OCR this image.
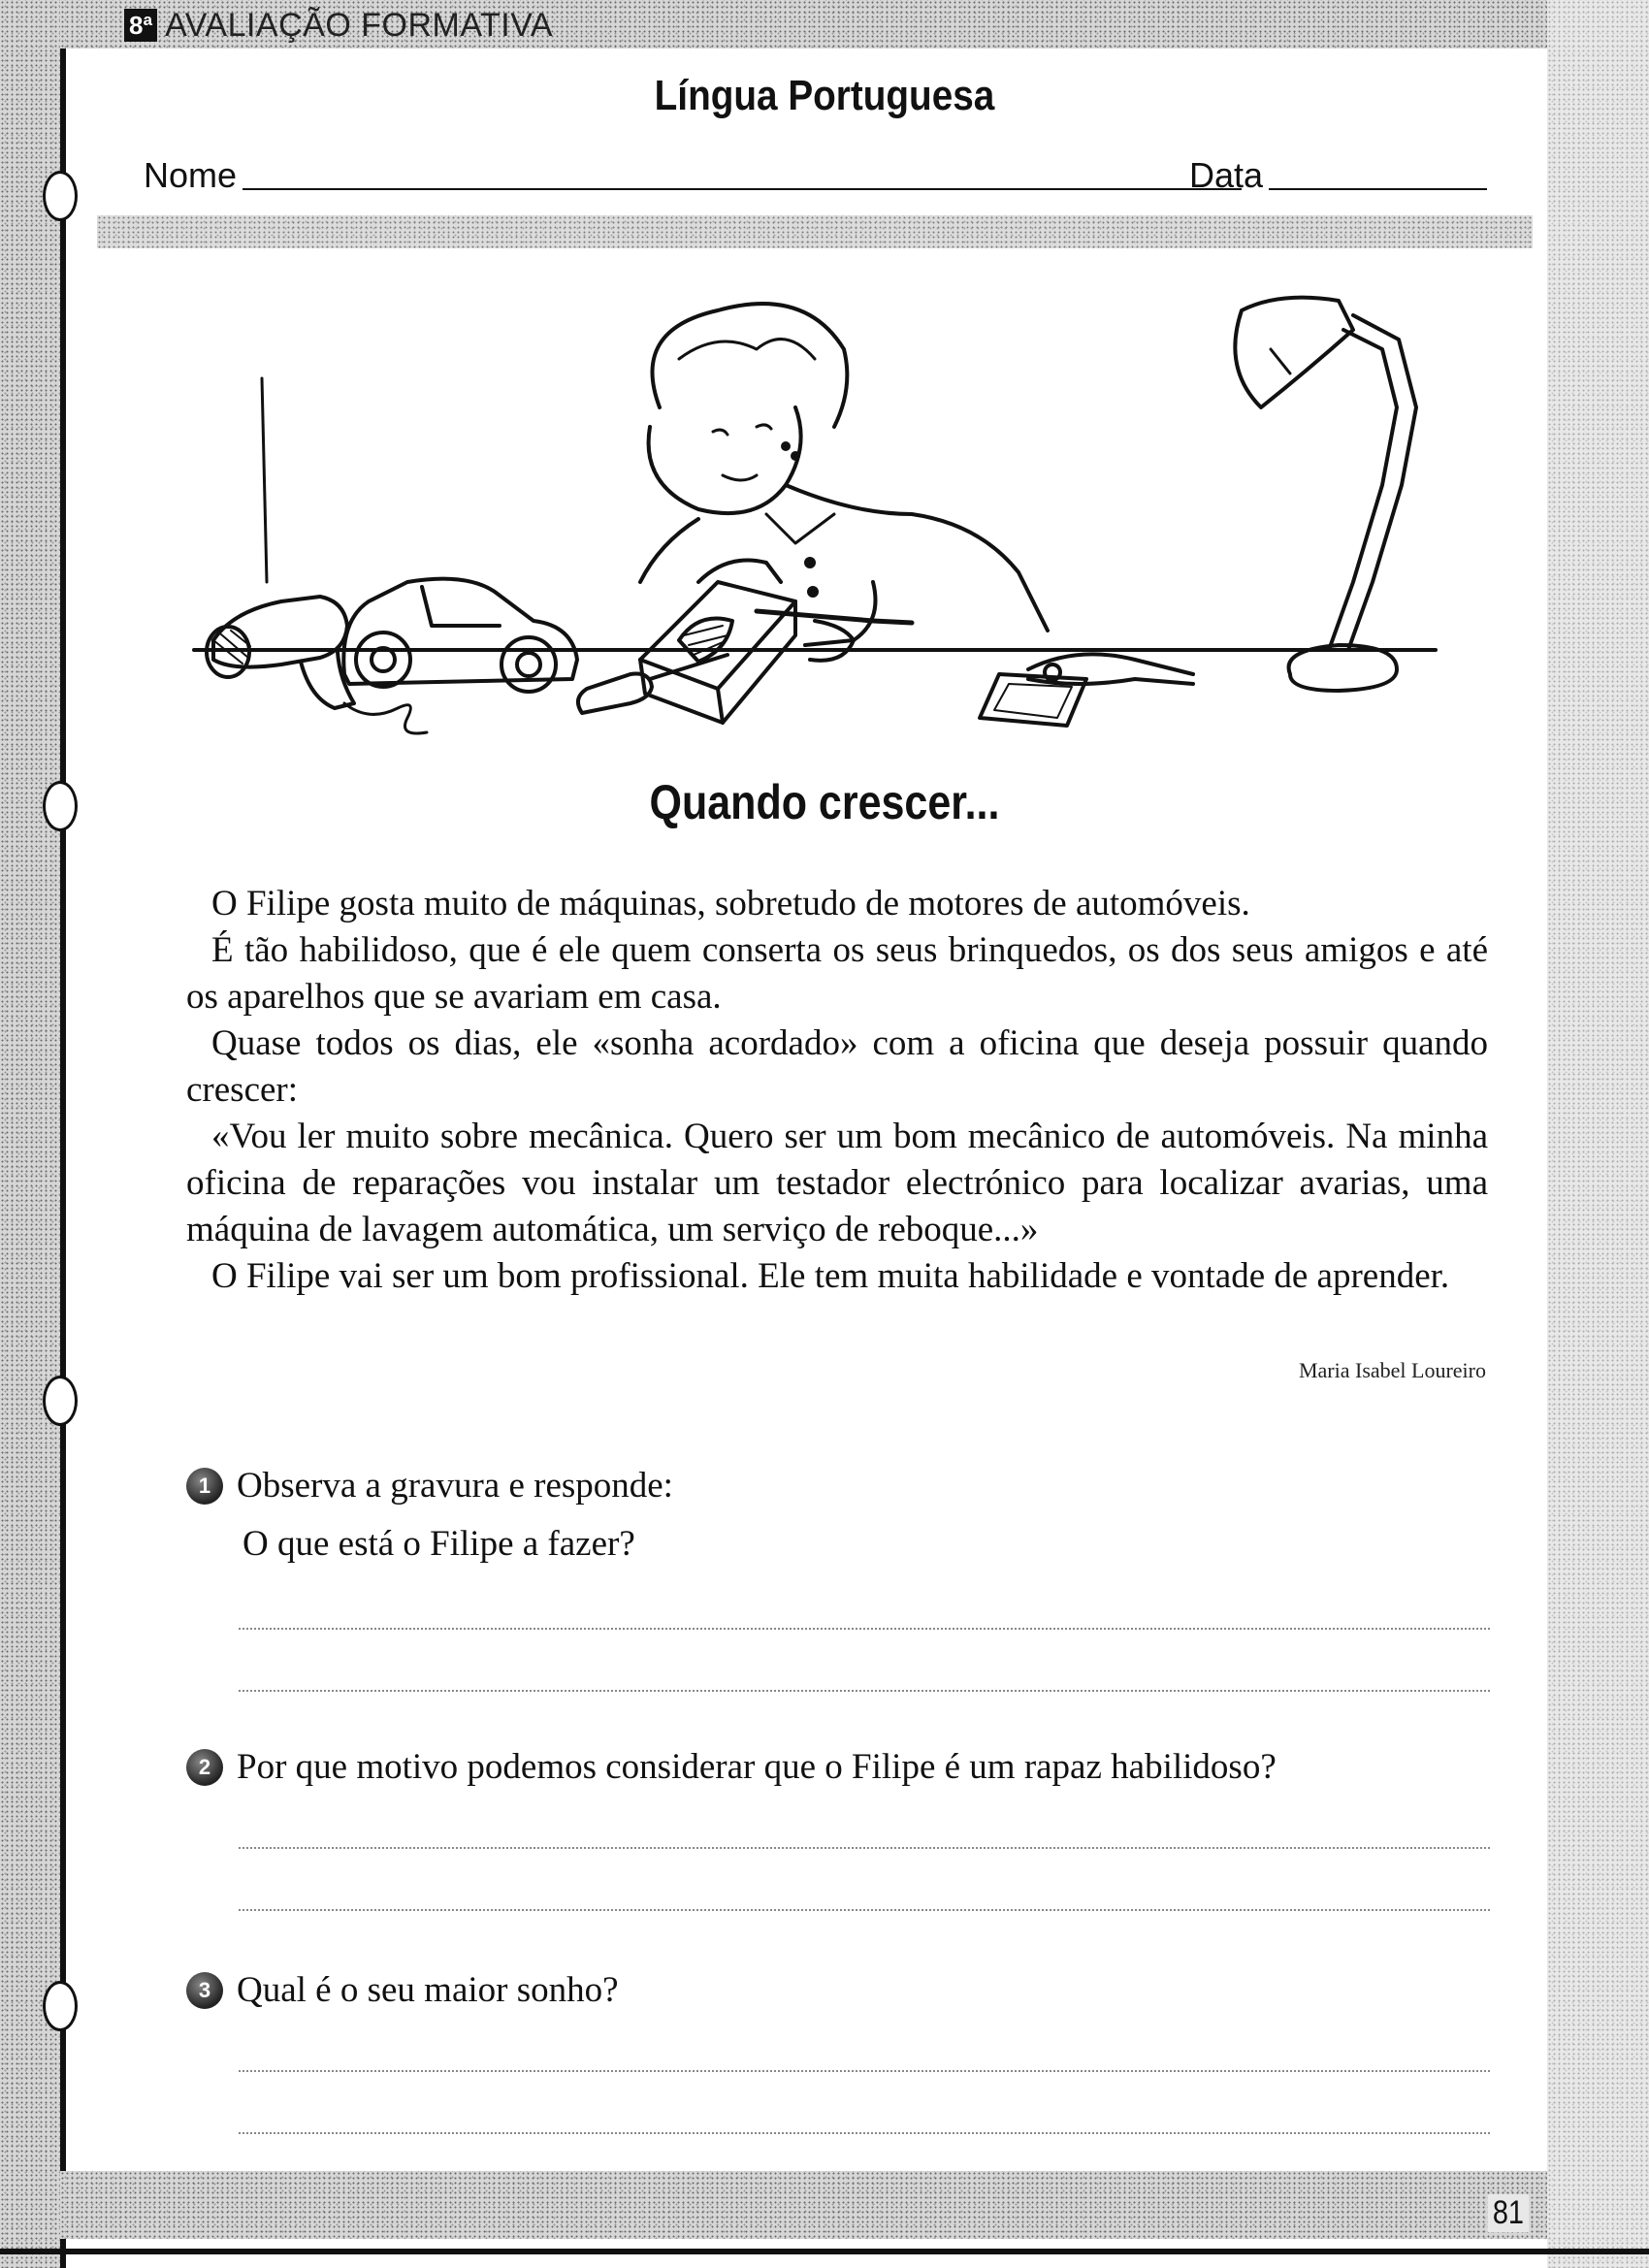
8ª AVALIAÇÃO FORMATIVA
Língua Portuguesa
Nome	Data
Quando crescer...

O Filipe gosta muito de máquinas, sobretudo de motores de automóveis.

É tão habilidoso, que é ele quem conserta os seus brinquedos, os dos seus amigos e até os aparelhos que se avariam em casa.

Quase todos os dias, ele «sonha acordado» com a oficina que deseja possuir quando crescer:

«Vou ler muito sobre mecânica. Quero ser um bom mecânico de automóveis. Na minha oficina de reparações vou instalar um testador electrónico para localizar avarias, uma máquina de lavagem automática, um serviço de reboque...»

O Filipe vai ser um bom profissional. Ele tem muita habilidade e vontade de aprender.

Maria Isabel Loureiro
1 Observa a gravura e responde:
O que está o Filipe a fazer?
2 Por que motivo podemos considerar que o Filipe é um rapaz habilidoso?
3 Qual é o seu maior sonho?
81
